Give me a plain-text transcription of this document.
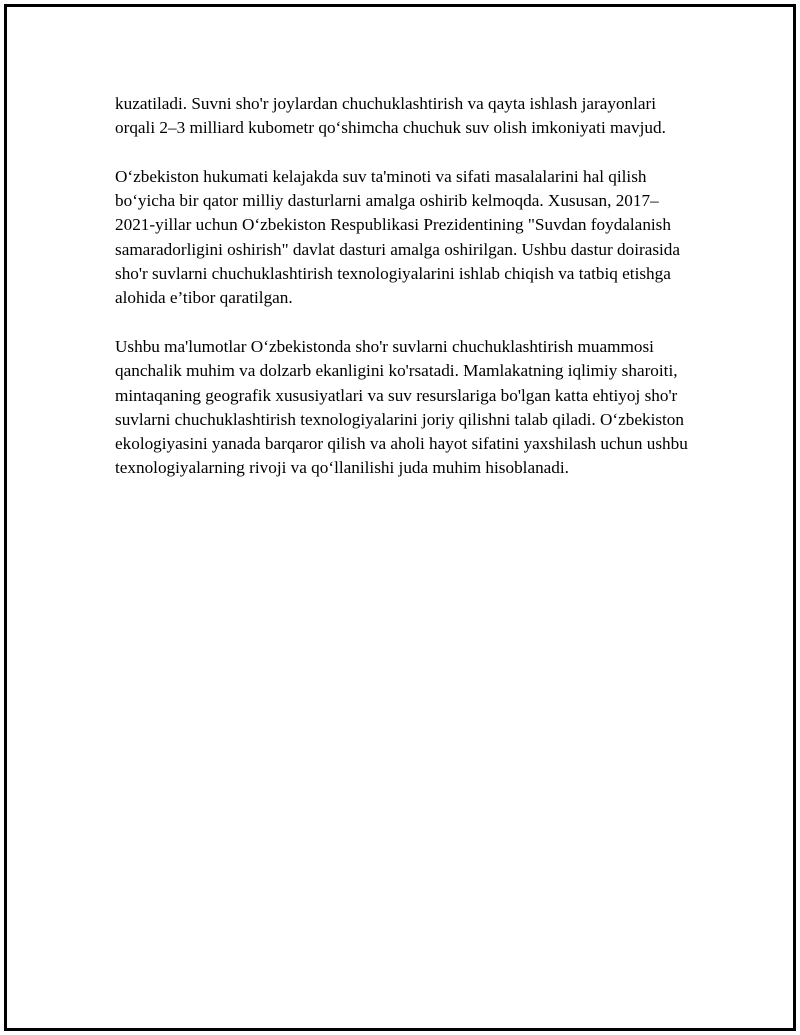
kuzatiladi. Suvni sho'r joylardan chuchuklashtirish va qayta ishlash jarayonlari orqali 2–3 milliard kubometr qo‘shimcha chuchuk suv olish imkoniyati mavjud.

O‘zbekiston hukumati kelajakda suv ta'minoti va sifati masalalarini hal qilish bo‘yicha bir qator milliy dasturlarni amalga oshirib kelmoqda. Xususan, 2017–2021-yillar uchun O‘zbekiston Respublikasi Prezidentining "Suvdan foydalanish samaradorligini oshirish" davlat dasturi amalga oshirilgan. Ushbu dastur doirasida sho'r suvlarni chuchuklashtirish texnologiyalarini ishlab chiqish va tatbiq etishga alohida e’tibor qaratilgan.

Ushbu ma'lumotlar O‘zbekistonda sho'r suvlarni chuchuklashtirish muammosi qanchalik muhim va dolzarb ekanligini ko'rsatadi. Mamlakatning iqlimiy sharoiti, mintaqaning geografik xususiyatlari va suv resurslariga bo'lgan katta ehtiyoj sho'r suvlarni chuchuklashtirish texnologiyalarini joriy qilishni talab qiladi. O‘zbekiston ekologiyasini yanada barqaror qilish va aholi hayot sifatini yaxshilash uchun ushbu texnologiyalarning rivoji va qo‘llanilishi juda muhim hisoblanadi.
